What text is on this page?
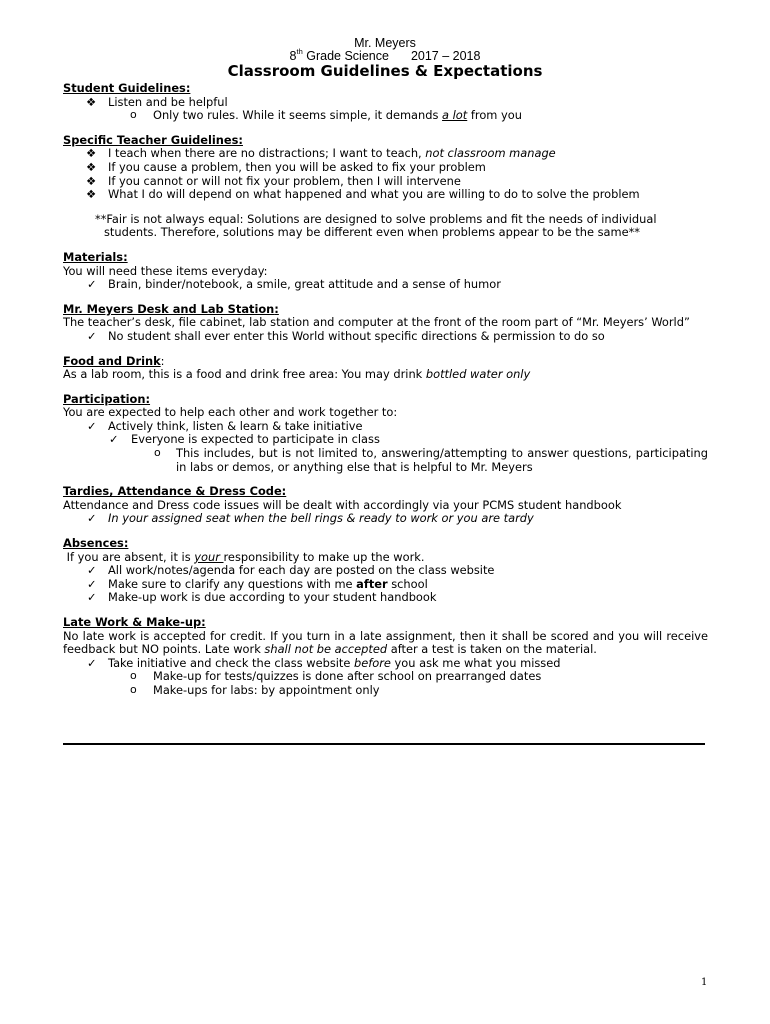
Mr. Meyers
8th Grade Science 2017 – 2018
Classroom Guidelines & Expectations
Student Guidelines:
❖ Listen and be helpful
o Only two rules. While it seems simple, it demands a lot from you
Specific Teacher Guidelines:
❖ I teach when there are no distractions; I want to teach, not classroom manage
❖ If you cause a problem, then you will be asked to fix your problem
❖ If you cannot or will not fix your problem, then I will intervene
❖ What I do will depend on what happened and what you are willing to do to solve the problem
**Fair is not always equal: Solutions are designed to solve problems and fit the needs of individual students. Therefore, solutions may be different even when problems appear to be the same**
Materials:
You will need these items everyday:
✓ Brain, binder/notebook, a smile, great attitude and a sense of humor
Mr. Meyers Desk and Lab Station:
The teacher’s desk, file cabinet, lab station and computer at the front of the room part of “Mr. Meyers’ World”
✓ No student shall ever enter this World without specific directions & permission to do so
Food and Drink:
As a lab room, this is a food and drink free area: You may drink bottled water only
Participation:
You are expected to help each other and work together to:
✓ Actively think, listen & learn & take initiative
✓ Everyone is expected to participate in class
o This includes, but is not limited to, answering/attempting to answer questions, participating in labs or demos, or anything else that is helpful to Mr. Meyers
Tardies, Attendance & Dress Code:
Attendance and Dress code issues will be dealt with accordingly via your PCMS student handbook
✓ In your assigned seat when the bell rings & ready to work or you are tardy
Absences:
If you are absent, it is your responsibility to make up the work.
✓ All work/notes/agenda for each day are posted on the class website
✓ Make sure to clarify any questions with me after school
✓ Make-up work is due according to your student handbook
Late Work & Make-up:
No late work is accepted for credit. If you turn in a late assignment, then it shall be scored and you will receive feedback but NO points. Late work shall not be accepted after a test is taken on the material.
✓ Take initiative and check the class website before you ask me what you missed
o Make-up for tests/quizzes is done after school on prearranged dates
o Make-ups for labs: by appointment only
1
